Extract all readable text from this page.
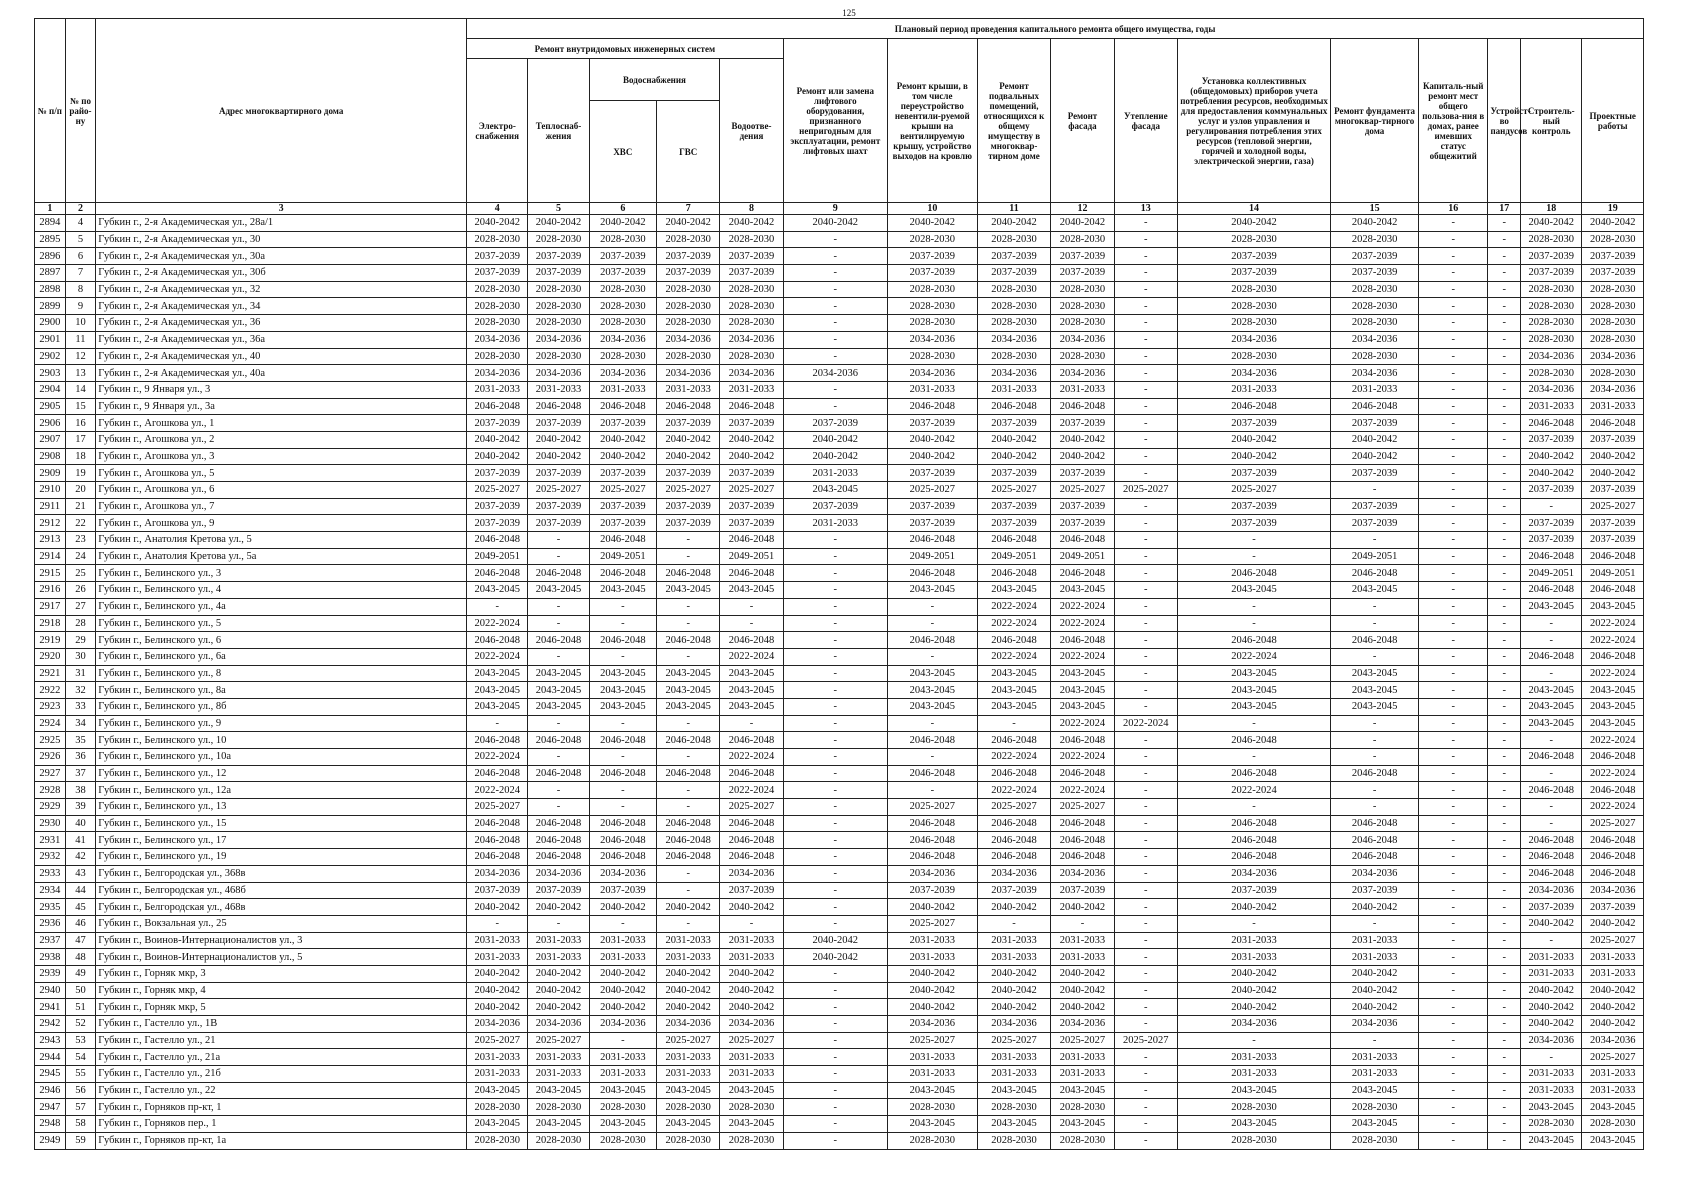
125
№ п/п	№ по райо-ну	Адрес многоквартирного дома	Плановый период проведения капитального ремонта общего имущества, годы															
			Ремонт внутридомовых инженерных систем					Ремонт или замена лифтового оборудования, признанного непригодным для эксплуатации, ремонт лифтовых шахт	Ремонт крыши, в том числе переустройство невентили-руемой крыши на вентилируемую крышу, устройство выходов на кровлю	Ремонт подвальных помещений, относящихся к общему имуществу в многоквар-тирном доме	Ремонт фасада	Утепление фасада	Установка коллективных (общедомовых) приборов учета потребления ресурсов, необходимых для предоставления коммунальных услуг и узлов управления и регулирования потребления этих ресурсов (тепловой энергии, горячей и холодной воды, электрической энергии, газа)	Ремонт фундамента многоквар-тирного дома	Капиталь-ный ремонт мест общего пользова-ния в домах, ранее имевших статус общежитий	Устройст-во пандусов	Строитель-ный контроль	Проектные работы
			Электро-снабжения	Теплоснаб-жения	Водоснабжения		Водоотве-дения											
					ХВС	ГВС												
1	2	3	4	5	6	7	8	9	10	11	12	13	14	15	16	17	18	19
2894	4	Губкин г., 2-я Академическая ул., 28а/1	2040-2042	2040-2042	2040-2042	2040-2042	2040-2042	2040-2042	2040-2042	2040-2042	2040-2042	-	2040-2042	2040-2042	-	-	2040-2042	2040-2042
2895	5	Губкин г., 2-я Академическая ул., 30	2028-2030	2028-2030	2028-2030	2028-2030	2028-2030	-	2028-2030	2028-2030	2028-2030	-	2028-2030	2028-2030	-	-	2028-2030	2028-2030
2896	6	Губкин г., 2-я Академическая ул., 30а	2037-2039	2037-2039	2037-2039	2037-2039	2037-2039	-	2037-2039	2037-2039	2037-2039	-	2037-2039	2037-2039	-	-	2037-2039	2037-2039
2897	7	Губкин г., 2-я Академическая ул., 30б	2037-2039	2037-2039	2037-2039	2037-2039	2037-2039	-	2037-2039	2037-2039	2037-2039	-	2037-2039	2037-2039	-	-	2037-2039	2037-2039
2898	8	Губкин г., 2-я Академическая ул., 32	2028-2030	2028-2030	2028-2030	2028-2030	2028-2030	-	2028-2030	2028-2030	2028-2030	-	2028-2030	2028-2030	-	-	2028-2030	2028-2030
2899	9	Губкин г., 2-я Академическая ул., 34	2028-2030	2028-2030	2028-2030	2028-2030	2028-2030	-	2028-2030	2028-2030	2028-2030	-	2028-2030	2028-2030	-	-	2028-2030	2028-2030
2900	10	Губкин г., 2-я Академическая ул., 36	2028-2030	2028-2030	2028-2030	2028-2030	2028-2030	-	2028-2030	2028-2030	2028-2030	-	2028-2030	2028-2030	-	-	2028-2030	2028-2030
2901	11	Губкин г., 2-я Академическая ул., 36а	2034-2036	2034-2036	2034-2036	2034-2036	2034-2036	-	2034-2036	2034-2036	2034-2036	-	2034-2036	2034-2036	-	-	2028-2030	2028-2030
2902	12	Губкин г., 2-я Академическая ул., 40	2028-2030	2028-2030	2028-2030	2028-2030	2028-2030	-	2028-2030	2028-2030	2028-2030	-	2028-2030	2028-2030	-	-	2034-2036	2034-2036
2903	13	Губкин г., 2-я Академическая ул., 40а	2034-2036	2034-2036	2034-2036	2034-2036	2034-2036	2034-2036	2034-2036	2034-2036	2034-2036	-	2034-2036	2034-2036	-	-	2028-2030	2028-2030
2904	14	Губкин г., 9 Января ул., 3	2031-2033	2031-2033	2031-2033	2031-2033	2031-2033	-	2031-2033	2031-2033	2031-2033	-	2031-2033	2031-2033	-	-	2034-2036	2034-2036
2905	15	Губкин г., 9 Января ул., 3а	2046-2048	2046-2048	2046-2048	2046-2048	2046-2048	-	2046-2048	2046-2048	2046-2048	-	2046-2048	2046-2048	-	-	2031-2033	2031-2033
2906	16	Губкин г., Агошкова ул., 1	2037-2039	2037-2039	2037-2039	2037-2039	2037-2039	2037-2039	2037-2039	2037-2039	2037-2039	-	2037-2039	2037-2039	-	-	2046-2048	2046-2048
2907	17	Губкин г., Агошкова ул., 2	2040-2042	2040-2042	2040-2042	2040-2042	2040-2042	2040-2042	2040-2042	2040-2042	2040-2042	-	2040-2042	2040-2042	-	-	2037-2039	2037-2039
2908	18	Губкин г., Агошкова ул., 3	2040-2042	2040-2042	2040-2042	2040-2042	2040-2042	2040-2042	2040-2042	2040-2042	2040-2042	-	2040-2042	2040-2042	-	-	2040-2042	2040-2042
2909	19	Губкин г., Агошкова ул., 5	2037-2039	2037-2039	2037-2039	2037-2039	2037-2039	2031-2033	2037-2039	2037-2039	2037-2039	-	2037-2039	2037-2039	-	-	2040-2042	2040-2042
2910	20	Губкин г., Агошкова ул., 6	2025-2027	2025-2027	2025-2027	2025-2027	2025-2027	2043-2045	2025-2027	2025-2027	2025-2027	2025-2027	2025-2027	-	-	-	2037-2039	2037-2039
2911	21	Губкин г., Агошкова ул., 7	2037-2039	2037-2039	2037-2039	2037-2039	2037-2039	2037-2039	2037-2039	2037-2039	2037-2039	-	2037-2039	2037-2039	-	-	-	2025-2027
2912	22	Губкин г., Агошкова ул., 9	2037-2039	2037-2039	2037-2039	2037-2039	2037-2039	2031-2033	2037-2039	2037-2039	2037-2039	-	2037-2039	2037-2039	-	-	2037-2039	2037-2039
2913	23	Губкин г., Анатолия Кретова ул., 5	2046-2048	-	2046-2048	-	2046-2048	-	2046-2048	2046-2048	2046-2048	-	-	-	-	-	2037-2039	2037-2039
2914	24	Губкин г., Анатолия Кретова ул., 5а	2049-2051	-	2049-2051	-	2049-2051	-	2049-2051	2049-2051	2049-2051	-	-	2049-2051	-	-	2046-2048	2046-2048
2915	25	Губкин г., Белинского ул., 3	2046-2048	2046-2048	2046-2048	2046-2048	2046-2048	-	2046-2048	2046-2048	2046-2048	-	2046-2048	2046-2048	-	-	2049-2051	2049-2051
2916	26	Губкин г., Белинского ул., 4	2043-2045	2043-2045	2043-2045	2043-2045	2043-2045	-	2043-2045	2043-2045	2043-2045	-	2043-2045	2043-2045	-	-	2046-2048	2046-2048
2917	27	Губкин г., Белинского ул., 4а	-	-	-	-	-	-	-	2022-2024	2022-2024	-	-	-	-	-	2043-2045	2043-2045
2918	28	Губкин г., Белинского ул., 5	2022-2024	-	-	-	-	-	-	2022-2024	2022-2024	-	-	-	-	-	-	2022-2024
2919	29	Губкин г., Белинского ул., 6	2046-2048	2046-2048	2046-2048	2046-2048	2046-2048	-	2046-2048	2046-2048	2046-2048	-	2046-2048	2046-2048	-	-	-	2022-2024
2920	30	Губкин г., Белинского ул., 6а	2022-2024	-	-	-	2022-2024	-	-	2022-2024	2022-2024	-	2022-2024	-	-	-	2046-2048	2046-2048
2921	31	Губкин г., Белинского ул., 8	2043-2045	2043-2045	2043-2045	2043-2045	2043-2045	-	2043-2045	2043-2045	2043-2045	-	2043-2045	2043-2045	-	-	-	2022-2024
2922	32	Губкин г., Белинского ул., 8а	2043-2045	2043-2045	2043-2045	2043-2045	2043-2045	-	2043-2045	2043-2045	2043-2045	-	2043-2045	2043-2045	-	-	2043-2045	2043-2045
2923	33	Губкин г., Белинского ул., 8б	2043-2045	2043-2045	2043-2045	2043-2045	2043-2045	-	2043-2045	2043-2045	2043-2045	-	2043-2045	2043-2045	-	-	2043-2045	2043-2045
2924	34	Губкин г., Белинского ул., 9	-	-	-	-	-	-	-	-	2022-2024	2022-2024	-	-	-	-	2043-2045	2043-2045
2925	35	Губкин г., Белинского ул., 10	2046-2048	2046-2048	2046-2048	2046-2048	2046-2048	-	2046-2048	2046-2048	2046-2048	-	2046-2048	-	-	-	-	2022-2024
2926	36	Губкин г., Белинского ул., 10а	2022-2024	-	-	-	2022-2024	-	-	2022-2024	2022-2024	-	-	-	-	-	2046-2048	2046-2048
2927	37	Губкин г., Белинского ул., 12	2046-2048	2046-2048	2046-2048	2046-2048	2046-2048	-	2046-2048	2046-2048	2046-2048	-	2046-2048	2046-2048	-	-	-	2022-2024
2928	38	Губкин г., Белинского ул., 12а	2022-2024	-	-	-	2022-2024	-	-	2022-2024	2022-2024	-	2022-2024	-	-	-	2046-2048	2046-2048
2929	39	Губкин г., Белинского ул., 13	2025-2027	-	-	-	2025-2027	-	2025-2027	2025-2027	2025-2027	-	-	-	-	-	-	2022-2024
2930	40	Губкин г., Белинского ул., 15	2046-2048	2046-2048	2046-2048	2046-2048	2046-2048	-	2046-2048	2046-2048	2046-2048	-	2046-2048	2046-2048	-	-	-	2025-2027
2931	41	Губкин г., Белинского ул., 17	2046-2048	2046-2048	2046-2048	2046-2048	2046-2048	-	2046-2048	2046-2048	2046-2048	-	2046-2048	2046-2048	-	-	2046-2048	2046-2048
2932	42	Губкин г., Белинского ул., 19	2046-2048	2046-2048	2046-2048	2046-2048	2046-2048	-	2046-2048	2046-2048	2046-2048	-	2046-2048	2046-2048	-	-	2046-2048	2046-2048
2933	43	Губкин г., Белгородская ул., 368в	2034-2036	2034-2036	2034-2036	-	2034-2036	-	2034-2036	2034-2036	2034-2036	-	2034-2036	2034-2036	-	-	2046-2048	2046-2048
2934	44	Губкин г., Белгородская ул., 468б	2037-2039	2037-2039	2037-2039	-	2037-2039	-	2037-2039	2037-2039	2037-2039	-	2037-2039	2037-2039	-	-	2034-2036	2034-2036
2935	45	Губкин г., Белгородская ул., 468в	2040-2042	2040-2042	2040-2042	2040-2042	2040-2042	-	2040-2042	2040-2042	2040-2042	-	2040-2042	2040-2042	-	-	2037-2039	2037-2039
2936	46	Губкин г., Вокзальная ул., 25	-	-	-	-	-	-	2025-2027	-	-	-	-	-	-	-	2040-2042	2040-2042
2937	47	Губкин г., Воинов-Интернационалистов ул., 3	2031-2033	2031-2033	2031-2033	2031-2033	2031-2033	2040-2042	2031-2033	2031-2033	2031-2033	-	2031-2033	2031-2033	-	-	-	2025-2027
2938	48	Губкин г., Воинов-Интернационалистов ул., 5	2031-2033	2031-2033	2031-2033	2031-2033	2031-2033	2040-2042	2031-2033	2031-2033	2031-2033	-	2031-2033	2031-2033	-	-	2031-2033	2031-2033
2939	49	Губкин г., Горняк мкр, 3	2040-2042	2040-2042	2040-2042	2040-2042	2040-2042	-	2040-2042	2040-2042	2040-2042	-	2040-2042	2040-2042	-	-	2031-2033	2031-2033
2940	50	Губкин г., Горняк мкр, 4	2040-2042	2040-2042	2040-2042	2040-2042	2040-2042	-	2040-2042	2040-2042	2040-2042	-	2040-2042	2040-2042	-	-	2040-2042	2040-2042
2941	51	Губкин г., Горняк мкр, 5	2040-2042	2040-2042	2040-2042	2040-2042	2040-2042	-	2040-2042	2040-2042	2040-2042	-	2040-2042	2040-2042	-	-	2040-2042	2040-2042
2942	52	Губкин г., Гастелло ул., 1В	2034-2036	2034-2036	2034-2036	2034-2036	2034-2036	-	2034-2036	2034-2036	2034-2036	-	2034-2036	2034-2036	-	-	2040-2042	2040-2042
2943	53	Губкин г., Гастелло ул., 21	2025-2027	2025-2027	-	2025-2027	2025-2027	-	2025-2027	2025-2027	2025-2027	2025-2027	-	-	-	-	2034-2036	2034-2036
2944	54	Губкин г., Гастелло ул., 21а	2031-2033	2031-2033	2031-2033	2031-2033	2031-2033	-	2031-2033	2031-2033	2031-2033	-	2031-2033	2031-2033	-	-	-	2025-2027
2945	55	Губкин г., Гастелло ул., 21б	2031-2033	2031-2033	2031-2033	2031-2033	2031-2033	-	2031-2033	2031-2033	2031-2033	-	2031-2033	2031-2033	-	-	2031-2033	2031-2033
2946	56	Губкин г., Гастелло ул., 22	2043-2045	2043-2045	2043-2045	2043-2045	2043-2045	-	2043-2045	2043-2045	2043-2045	-	2043-2045	2043-2045	-	-	2031-2033	2031-2033
2947	57	Губкин г., Горняков пр-кт, 1	2028-2030	2028-2030	2028-2030	2028-2030	2028-2030	-	2028-2030	2028-2030	2028-2030	-	2028-2030	2028-2030	-	-	2043-2045	2043-2045
2948	58	Губкин г., Горняков пер., 1	2043-2045	2043-2045	2043-2045	2043-2045	2043-2045	-	2043-2045	2043-2045	2043-2045	-	2043-2045	2043-2045	-	-	2028-2030	2028-2030
2949	59	Губкин г., Горняков пр-кт, 1а	2028-2030	2028-2030	2028-2030	2028-2030	2028-2030	-	2028-2030	2028-2030	2028-2030	-	2028-2030	2028-2030	-	-	2043-2045	2043-2045
